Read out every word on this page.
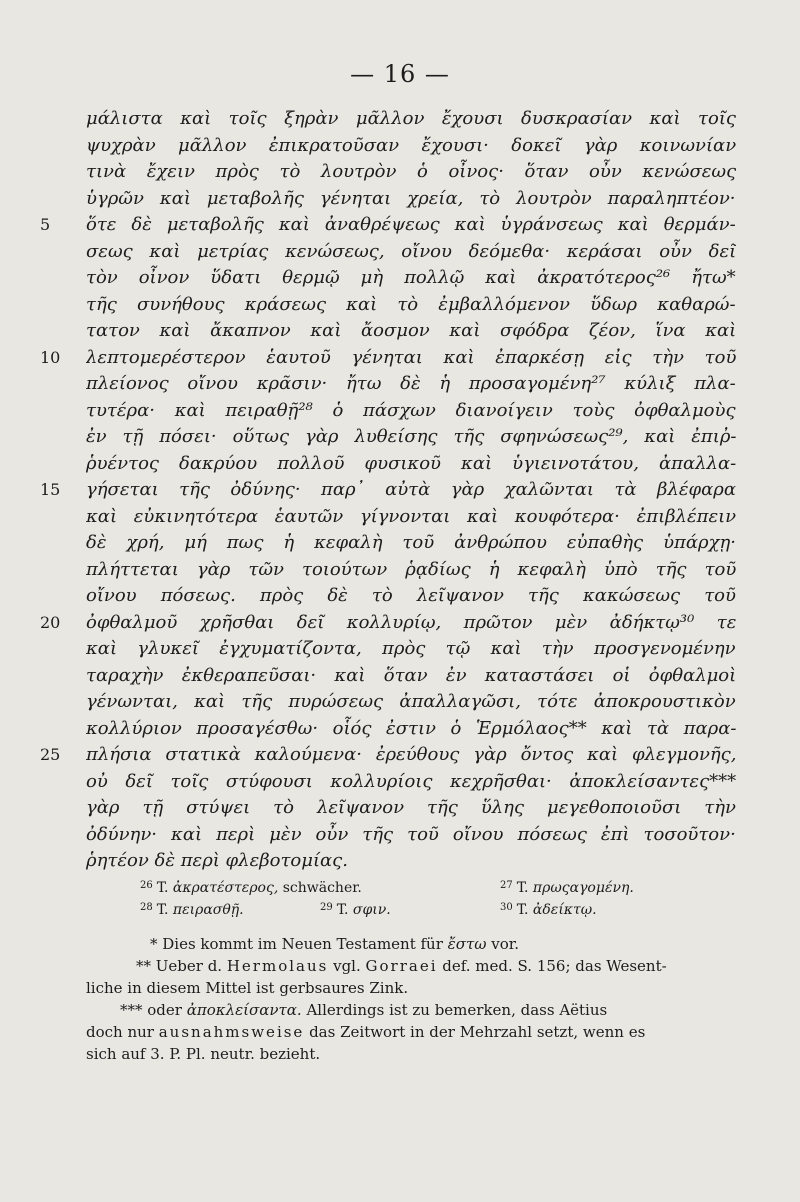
— 16 —
μάλιστα καὶ τοῖς ξηρὰν μᾶλλον ἔχουσι δυσκρασίαν καὶ τοῖς
ψυχρὰν μᾶλλον ἐπικρατοῦσαν ἔχουσι· δοκεῖ γὰρ κοινωνίαν
τινὰ ἔχειν πρὸς τὸ λουτρὸν ὁ οἶνος· ὅταν οὖν κενώσεως
ὑγρῶν καὶ μεταβολῆς γένηται χρεία, τὸ λουτρὸν παραληπτέον·
5	ὅτε δὲ μεταβολῆς καὶ ἀναθρέψεως καὶ ὑγράνσεως καὶ θερμάν-
σεως καὶ μετρίας κενώσεως, οἴνου δεόμεθα· κεράσαι οὖν δεῖ
τὸν οἶνον ὕδατι θερμῷ μὴ πολλῷ καὶ ἀκρατότερος²⁶ ἤτω*
τῆς συνήθους κράσεως καὶ τὸ ἐμβαλλόμενον ὕδωρ καθαρώ-
τατον καὶ ἄκαπνον καὶ ἄοσμον καὶ σφόδρα ζέον, ἵνα καὶ
10	λεπτομερέστερον ἑαυτοῦ γένηται καὶ ἐπαρκέσῃ εἰς τὴν τοῦ
πλείονος οἴνου κρᾶσιν· ἤτω δὲ ἡ προσαγομένη²⁷ κύλιξ πλα-
τυτέρα· καὶ πειραθῇ²⁸ ὁ πάσχων διανοίγειν τοὺς ὀφθαλμοὺς
ἐν τῇ πόσει· οὕτως γὰρ λυθείσης τῆς σφηνώσεως²⁹, καὶ ἐπιῤ-
ῥυέντος δακρύου πολλοῦ φυσικοῦ καὶ ὑγιεινοτάτου, ἀπαλλα-
15	γήσεται τῆς ὀδύνης· παρ᾽ αὐτὰ γὰρ χαλῶνται τὰ βλέφαρα
καὶ εὐκινητότερα ἑαυτῶν γίγνονται καὶ κουφότερα· ἐπιβλέπειν
δὲ χρή, μή πως ἡ κεφαλὴ τοῦ ἀνθρώπου εὐπαθὴς ὑπάρχῃ·
πλήττεται γὰρ τῶν τοιούτων ῥᾳδίως ἡ κεφαλὴ ὑπὸ τῆς τοῦ
οἴνου πόσεως. πρὸς δὲ τὸ λεῖψανον τῆς κακώσεως τοῦ
20	ὀφθαλμοῦ χρῆσθαι δεῖ κολλυρίῳ, πρῶτον μὲν ἀδήκτῳ³⁰ τε
καὶ γλυκεῖ ἐγχυματίζοντα, πρὸς τῷ καὶ τὴν προσγενομένην
ταραχὴν ἐκθεραπεῦσαι· καὶ ὅταν ἐν καταστάσει οἱ ὀφθαλμοὶ
γένωνται, καὶ τῆς πυρώσεως ἀπαλλαγῶσι, τότε ἀποκρουστικὸν
κολλύριον προσαγέσθω· οἷός ἐστιν ὁ Ἑρμόλαος** καὶ τὰ παρα-
25	πλήσια στατικὰ καλούμενα· ἐρεύθους γὰρ ὄντος καὶ φλεγμονῆς,
οὐ δεῖ τοῖς στύφουσι κολλυρίοις κεχρῆσθαι· ἀποκλείσαντες***
γὰρ τῇ στύψει τὸ λεῖψανον τῆς ὕλης μεγεθοποιοῦσι τὴν
ὀδύνην· καὶ περὶ μὲν οὖν τῆς τοῦ οἴνου πόσεως ἐπὶ τοσοῦτον·
ῥητέον δὲ περὶ φλεβοτομίας.
$^{26}$ T. ἀκρατέστερος, schwächer.	$^{27}$ T. πρωςαγομένη.
$^{28}$ T. πειρασθῇ.	$^{29}$ T. σφιν.	$^{30}$ T. ἀδείκτῳ.
* Dies kommt im Neuen Testament für ἔστω vor.
** Ueber d. Hermolaus vgl. Gorraei def. med. S. 156; das Wesent-
liche in diesem Mittel ist gerbsaures Zink.
*** oder ἀποκλείσαντα. Allerdings ist zu bemerken, dass Aëtius
doch nur ausnahmsweise das Zeitwort in der Mehrzahl setzt, wenn es
sich auf 3. P. Pl. neutr. bezieht.
